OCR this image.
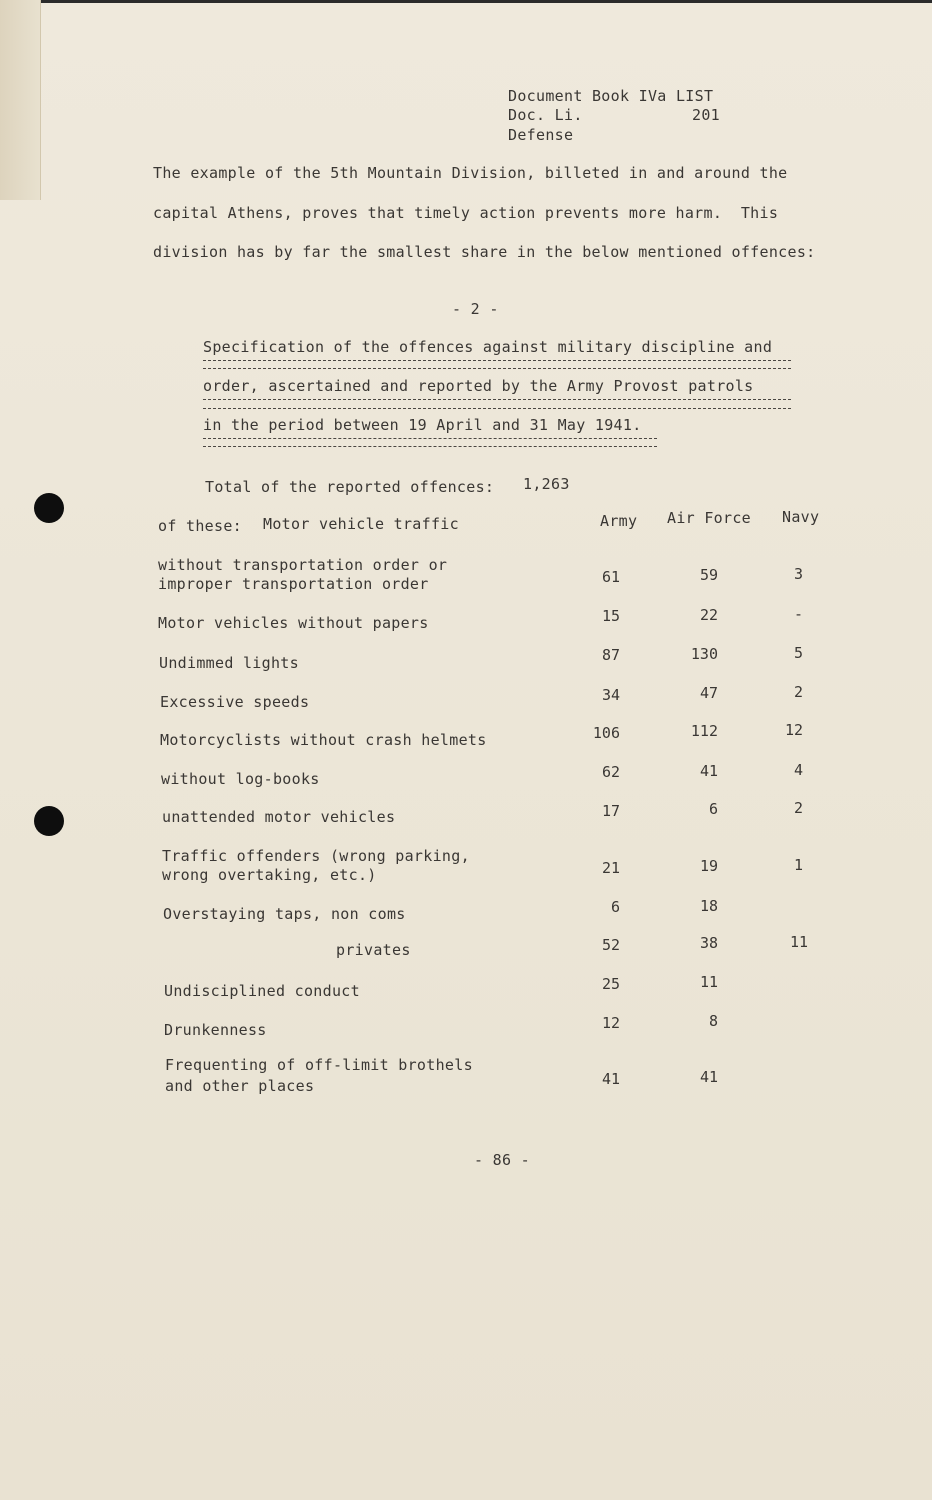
Document Book IVa LIST
Doc. Li.	201
Defense
The example of the 5th Mountain Division, billeted in and around the
capital Athens, proves that timely action prevents more harm.  This
division has by far the smallest share in the below mentioned offences:
- 2 -
Specification of the offences against military discipline and
order, ascertained and reported by the Army Provost patrols
in the period between 19 April and 31 May 1941.
Total of the reported offences: 1,263
of these: Motor vehicle traffic	Army Air Force Navy
without transportation order or
improper transportation order	61	59	3
Motor vehicles without papers	15	22	-
Undimmed lights	87	130	5
Excessive speeds	34	47	2
Motorcyclists without crash helmets	106	112	12
without log-books	62	41	4
unattended motor vehicles	17	6	2
Traffic offenders (wrong parking,
wrong overtaking, etc.)	21	19	1
Overstaying taps, non coms	6	18
privates	52	38	11
Undisciplined conduct	25	11
Drunkenness	12	8
Frequenting of off-limit brothels
and other places	41	41
- 86 -
